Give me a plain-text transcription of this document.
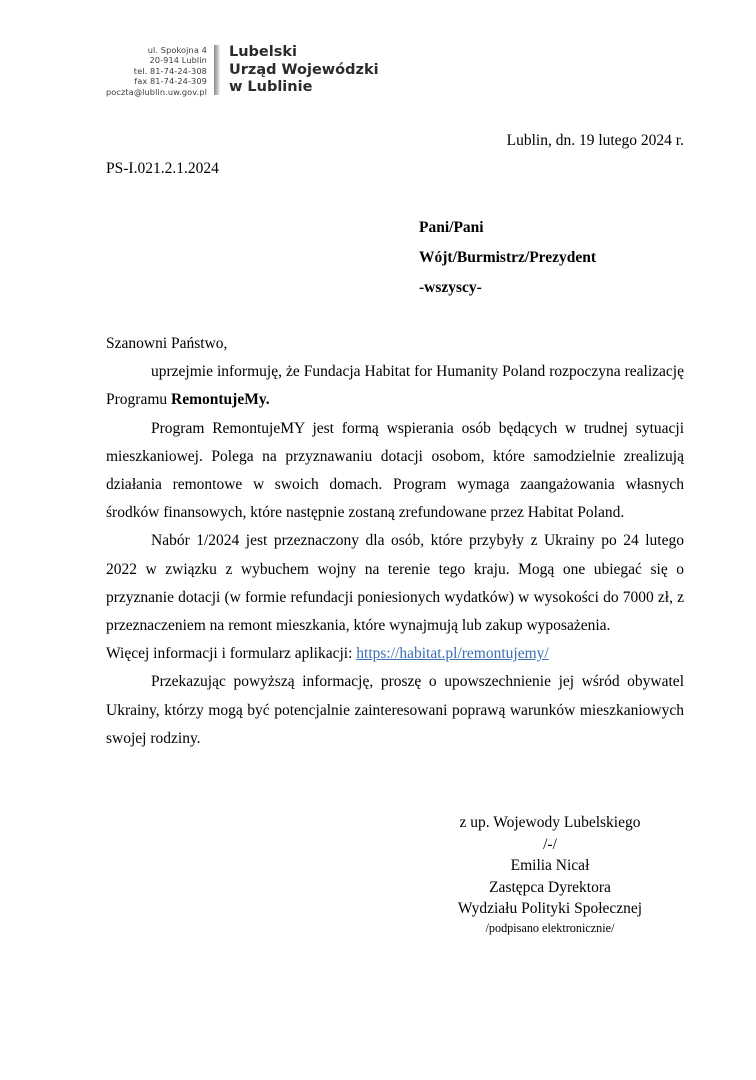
ul. Spokojna 4
20-914 Lublin
tel. 81-74-24-308
fax 81-74-24-309
poczta@lublin.uw.gov.pl
Lubelski
Urząd Wojewódzki
w Lublinie
Lublin, dn. 19 lutego 2024 r.
PS-I.021.2.1.2024
Pani/Pani
Wójt/Burmistrz/Prezydent
-wszyscy-

Szanowni Państwo,

uprzejmie informuję, że Fundacja Habitat for Humanity Poland rozpoczyna realizację Programu RemontujeMy.

Program RemontujeMY jest formą wspierania osób będących w trudnej sytuacji mieszkaniowej. Polega na przyznawaniu dotacji osobom, które samodzielnie zrealizują działania remontowe w swoich domach. Program wymaga zaangażowania własnych środków finansowych, które następnie zostaną zrefundowane przez Habitat Poland.

Nabór 1/2024 jest przeznaczony dla osób, które przybyły z Ukrainy po 24 lutego 2022 w związku z wybuchem wojny na terenie tego kraju. Mogą one ubiegać się o przyznanie dotacji (w formie refundacji poniesionych wydatków) w wysokości do 7000 zł, z przeznaczeniem na remont mieszkania, które wynajmują lub zakup wyposażenia.

Więcej informacji i formularz aplikacji: https://habitat.pl/remontujemy/

Przekazując powyższą informację, proszę o upowszechnienie jej wśród obywatel Ukrainy, którzy mogą być potencjalnie zainteresowani poprawą warunków mieszkaniowych swojej rodziny.

z up. Wojewody Lubelskiego
/-/
Emilia Nicał
Zastępca Dyrektora
Wydziału Polityki Społecznej
/podpisano elektronicznie/
